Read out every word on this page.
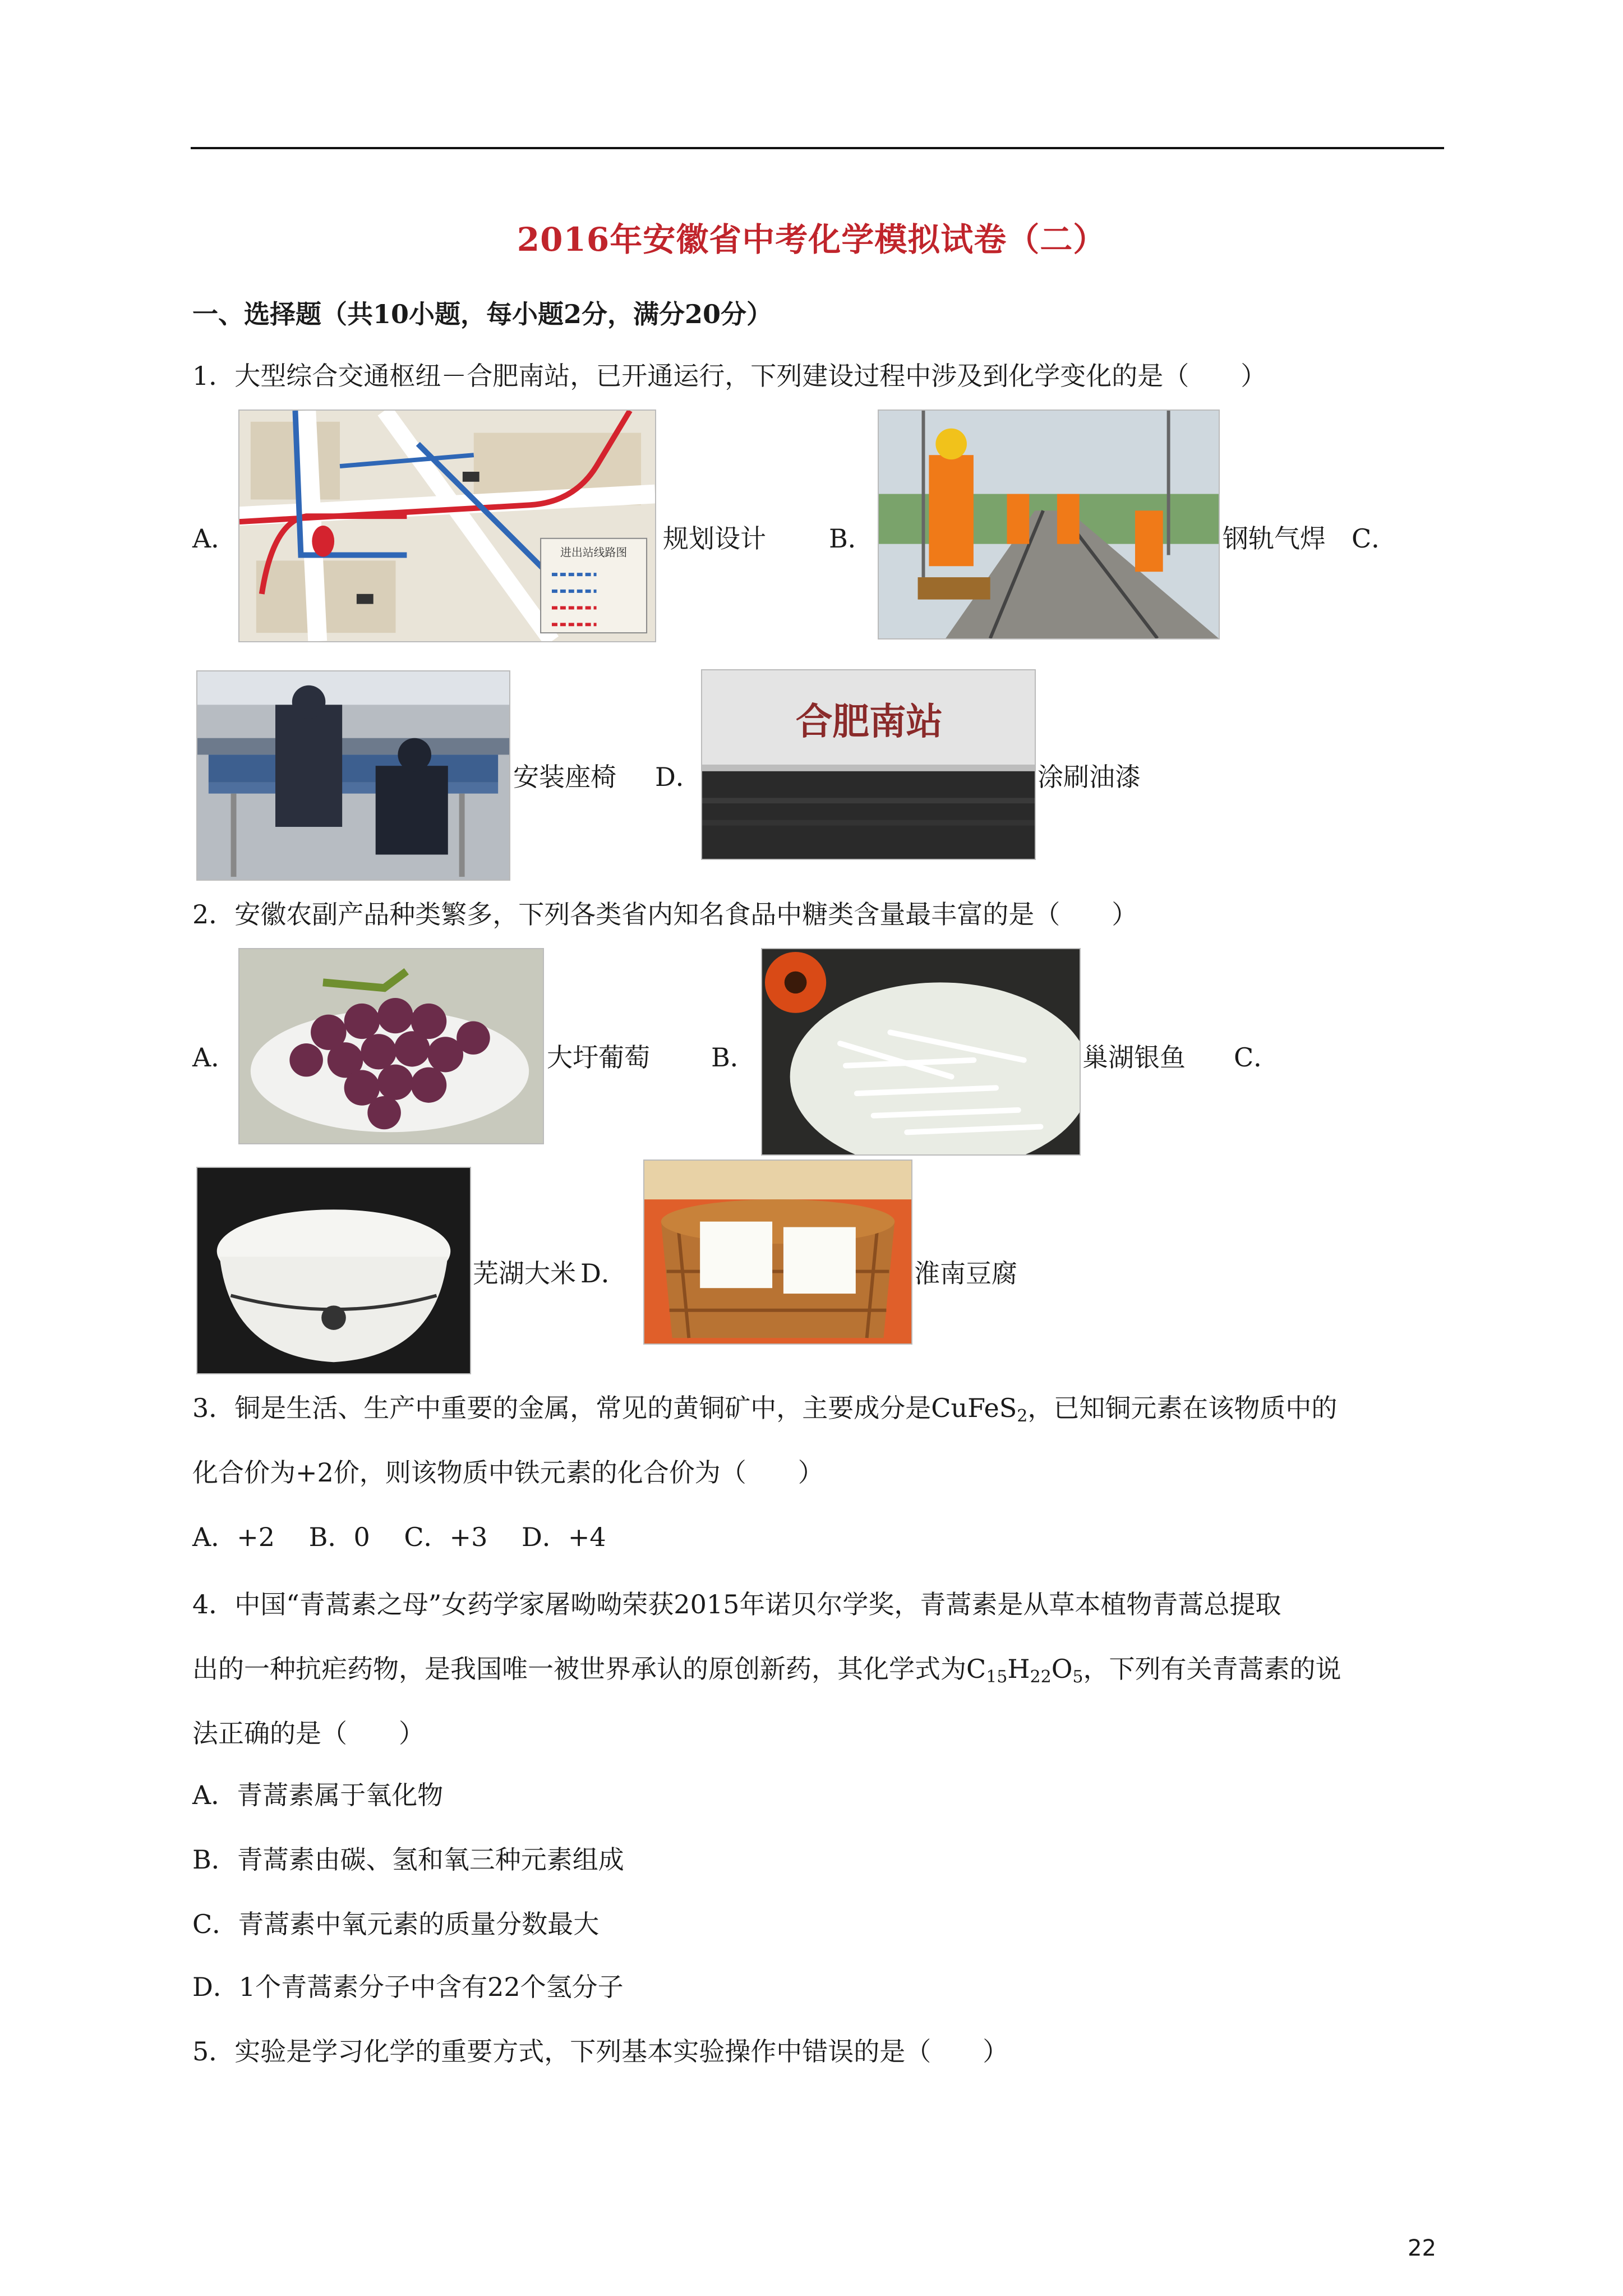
2016年安徽省中考化学模拟试卷（二）
一、选择题（共10小题，每小题2分，满分20分）
1．大型综合交通枢纽－合肥南站，已开通运行，下列建设过程中涉及到化学变化的是（　　）
A．	进出站线路图 规划设计 B．	钢轨气焊 C．
安装座椅 D．
合肥南站
涂刷油漆
2．安徽农副产品种类繁多，下列各类省内知名食品中糖类含量最丰富的是（　　）
A．	大圩葡萄 B．	巢湖银鱼 C．
芜湖大米 D．	淮南豆腐
3．铜是生活、生产中重要的金属，常见的黄铜矿中，主要成分是CuFeS$_2$，已知铜元素在该物质中的
化合价为+2价，则该物质中铁元素的化合价为（　　）
A．+2　 B．0　 C．+3　 D．+4
4．中国“青蒿素之母”女药学家屠呦呦荣获2015年诺贝尔学奖，青蒿素是从草本植物青蒿总提取
出的一种抗疟药物，是我国唯一被世界承认的原创新药，其化学式为$C_{15}H_{22}O_5$，下列有关青蒿素的说
法正确的是（　　）
A．青蒿素属于氧化物
B．青蒿素由碳、氢和氧三种元素组成
C．青蒿素中氧元素的质量分数最大
D．1个青蒿素分子中含有22个氢分子
5．实验是学习化学的重要方式，下列基本实验操作中错误的是（　　）
22
